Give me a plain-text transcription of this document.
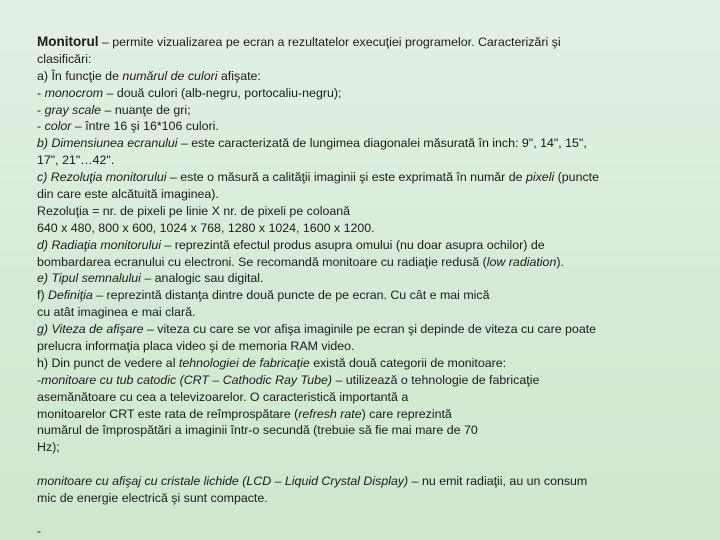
Monitorul – permite vizualizarea pe ecran a rezultatelor execuţiei programelor. Caracterizări şi
clasificări:
a) În funcţie de numărul de culori afişate:
- monocrom – două culori (alb-negru, portocaliu-negru);
- gray scale – nuanţe de gri;
- color – între 16 şi 16*106 culori.
b) Dimensiunea ecranului – este caracterizată de lungimea diagonalei măsurată în inch: 9", 14", 15",
17", 21"…42".
c) Rezoluţia monitorului – este o măsură a calităţii imaginii şi este exprimată în număr de pixeli (puncte
din care este alcătuită imaginea).
Rezoluţia = nr. de pixeli pe linie X nr. de pixeli pe coloană
640 x 480, 800 x 600, 1024 x 768, 1280 x 1024, 1600 x 1200.
d) Radiaţia monitorului – reprezintă efectul produs asupra omului (nu doar asupra ochilor) de
bombardarea ecranului cu electroni. Se recomandă monitoare cu radiaţie redusă (low radiation).
e) Tipul semnalului – analogic sau digital.
f) Definiţia – reprezintă distanţa dintre două puncte de pe ecran. Cu cât e mai mică
cu atât imaginea e mai clară.
g) Viteza de afişare – viteza cu care se vor afişa imaginile pe ecran şi depinde de viteza cu care poate
prelucra informaţia placa video şi de memoria RAM video.
h) Din punct de vedere al tehnologiei de fabricaţie există două categorii de monitoare:
-monitoare cu tub catodic (CRT – Cathodic Ray Tube) – utilizează o tehnologie de fabricaţie
asemănătoare cu cea a televizoarelor. O caracteristică importantă a
monitoarelor CRT este rata de reîmprospătare (refresh rate) care reprezintă
numărul de împrospătări a imaginii într-o secundă (trebuie să fie mai mare de 70
Hz);
monitoare cu afişaj cu cristale lichide (LCD – Liquid Crystal Display) – nu emit radiaţii, au un consum
mic de energie electrică şi sunt compacte.
-
